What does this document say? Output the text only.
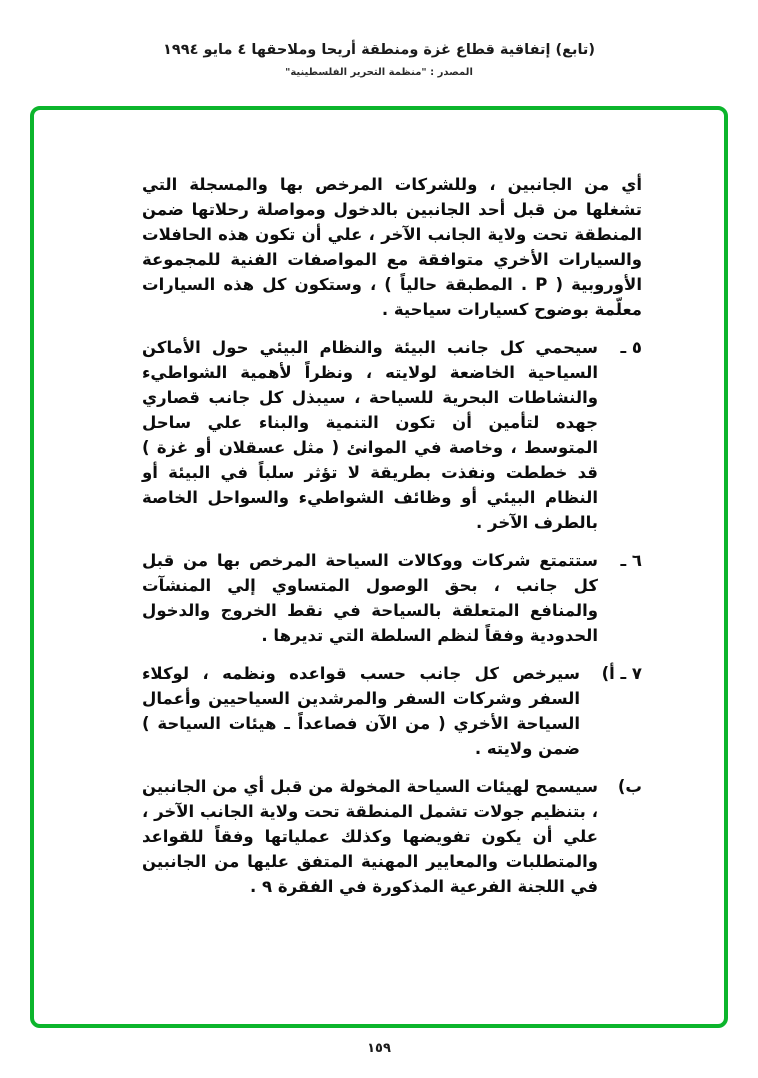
(تابع) إتفاقية قطاع غزة ومنطقة أريحا وملاحقها ٤ مايو ١٩٩٤
المصدر : "منظمة التحرير الفلسطينية"

أي من الجانبين ، وللشركات المرخص بها والمسجلة التي تشغلها من قبل أحد الجانبين بالدخول ومواصلة رحلاتها ضمن المنطقة تحت ولاية الجانب الآخر ، علي أن تكون هذه الحافلات والسيارات الأخري متوافقة مع المواصفات الفنية للمجموعة الأوروبية ( P . المطبقة حالياً ) ، وستكون كل هذه السيارات معلّمة بوضوح كسيارات سياحية .

٥ ـ
سيحمي كل جانب البيئة والنظام البيئي حول الأماكن السياحية الخاضعة لولايته ، ونظراً لأهمية الشواطيء والنشاطات البحرية للسياحة ، سيبذل كل جانب قصاري جهده لتأمين أن تكون التنمية والبناء علي ساحل المتوسط ، وخاصة في الموانئ ( مثل عسقلان أو غزة ) قد خططت ونفذت بطريقة لا تؤثر سلباً في البيئة أو النظام البيئي أو وظائف الشواطيء والسواحل الخاصة بالطرف الآخر .
٦ ـ
ستتمتع شركات ووكالات السياحة المرخص بها من قبل كل جانب ، بحق الوصول المتساوي إلي المنشآت والمنافع المتعلقة بالسياحة في نقط الخروج والدخول الحدودية وفقاً لنظم السلطة التي تديرها .
٧ ـ أ)
سيرخص كل جانب حسب قواعده ونظمه ، لوكلاء السفر وشركات السفر والمرشدين السياحيين وأعمال السياحة الأخري ( من الآن فصاعداً ـ هيئات السياحة ) ضمن ولايته .
ب)
سيسمح لهيئات السياحة المخولة من قبل أي من الجانبين ، بتنظيم جولات تشمل المنطقة تحت ولاية الجانب الآخر ، علي أن يكون تفويضها وكذلك عملياتها وفقاً للقواعد والمتطلبات والمعايير المهنية المتفق عليها من الجانبين في اللجنة الفرعية المذكورة في الفقرة ٩ .
١٥٩
